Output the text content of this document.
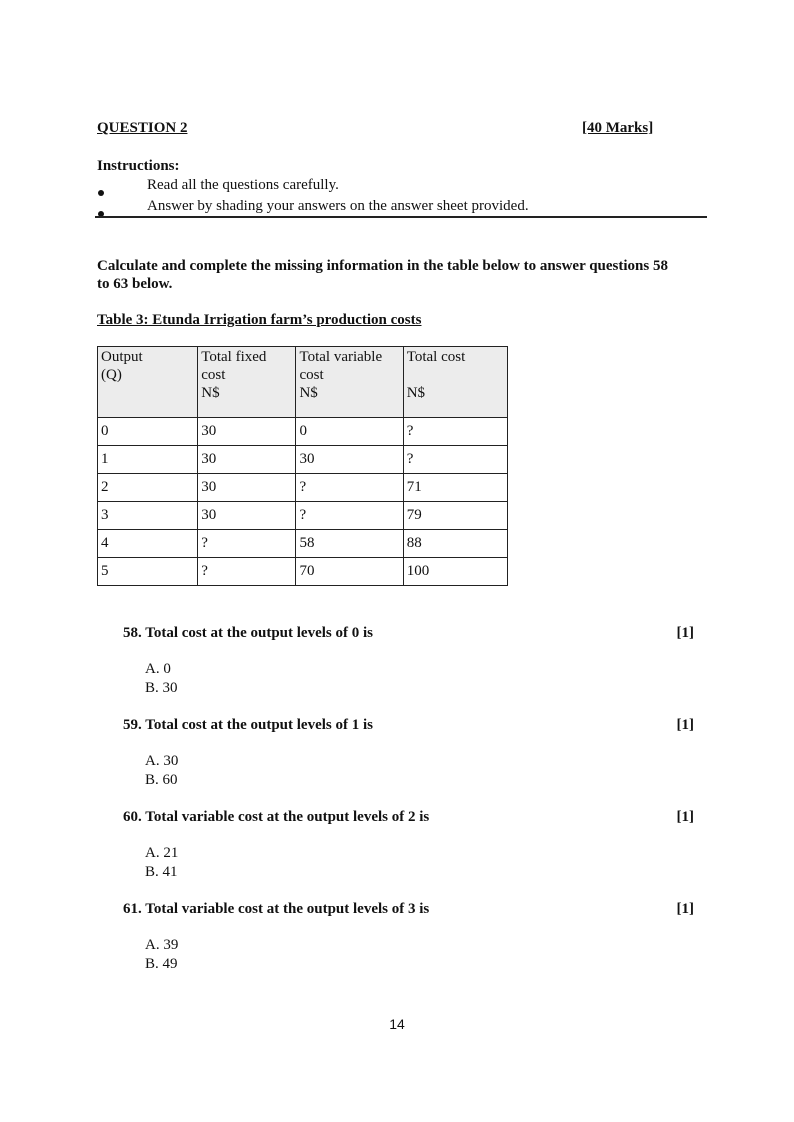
QUESTION 2	[40 Marks]
Instructions:
Read all the questions carefully.
Answer by shading your answers on the answer sheet provided.
Calculate and complete the missing information in the table below to answer questions 58
to 63 below.
Table 3: Etunda Irrigation farm’s production costs
Output
(Q)	Total fixed
cost
N$	Total variable
cost
N$	Total cost

N$

0	30	0	?
1	30	30	?
2	30	?	71
3	30	?	79
4	?	58	88
5	?	70	100
58. Total cost at the output levels of 0 is	[1]
A. 0
B. 30
59. Total cost at the output levels of 1 is	[1]
A. 30
B. 60
60. Total variable cost at the output levels of 2 is	[1]
A. 21
B. 41
61. Total variable cost at the output levels of 3 is	[1]
A. 39
B. 49
14
